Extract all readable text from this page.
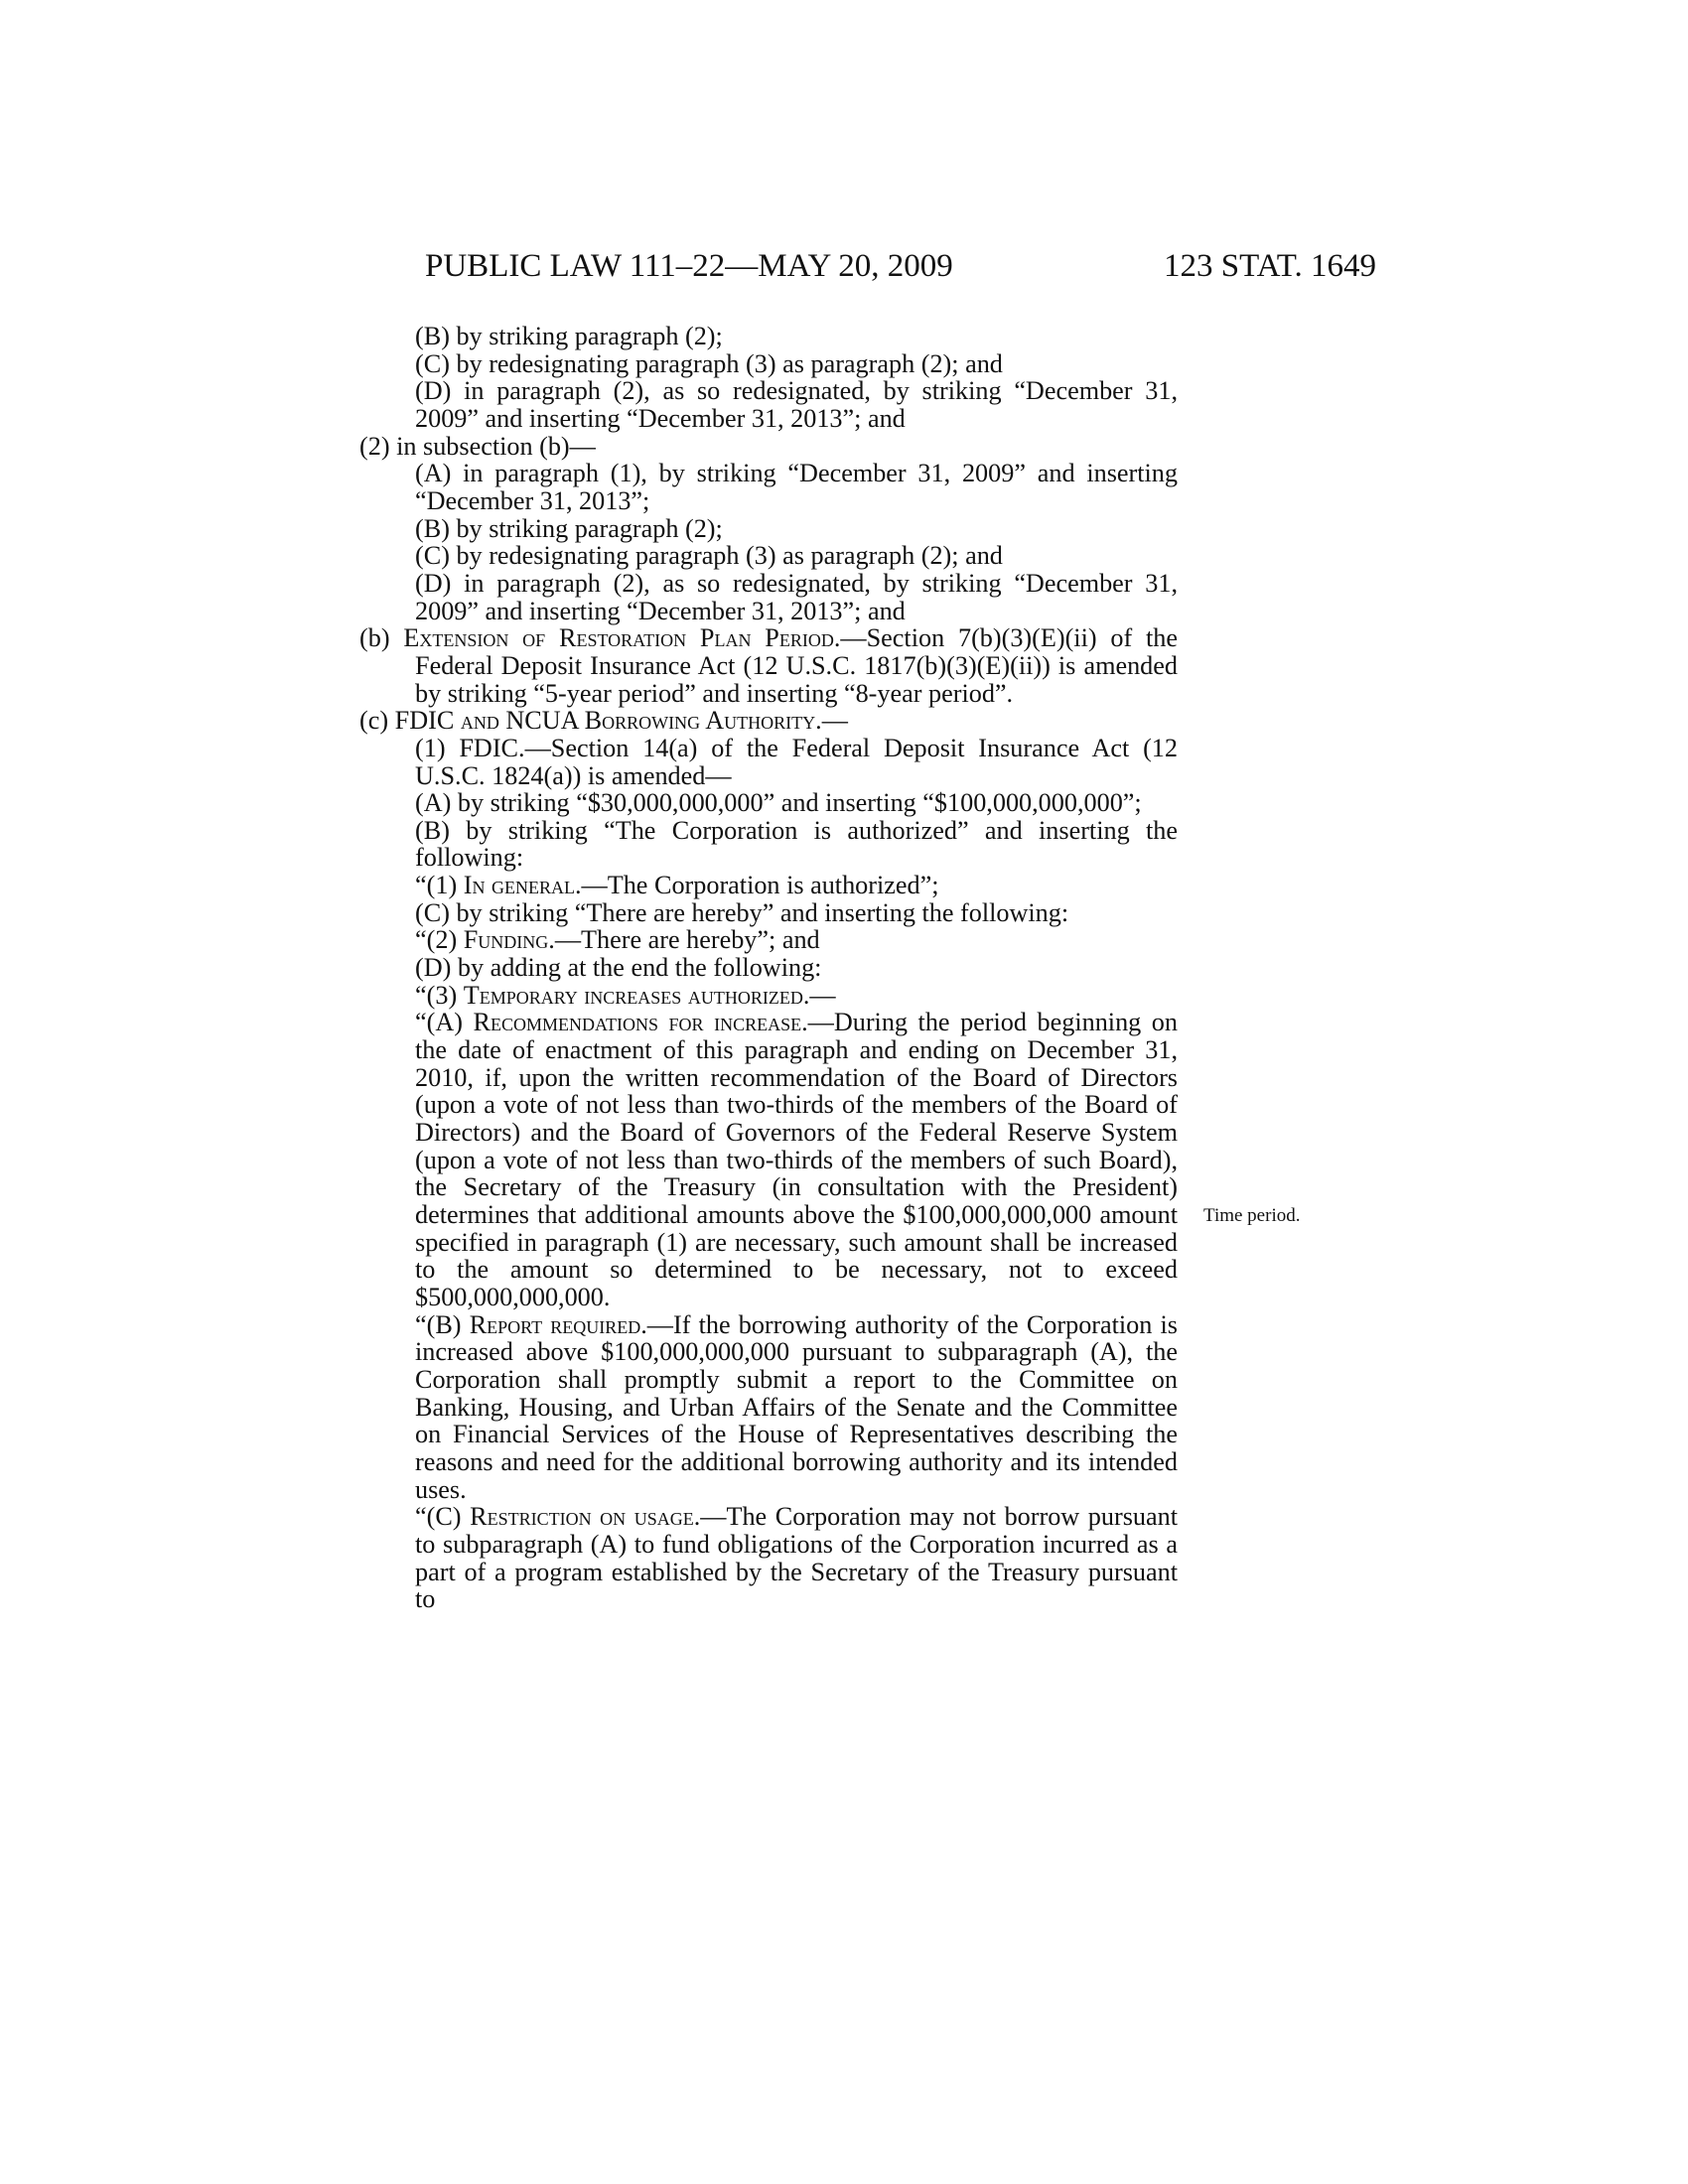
PUBLIC LAW 111–22—MAY 20, 2009	123 STAT. 1649
Time period.

(B) by striking paragraph (2);

(C) by redesignating paragraph (3) as paragraph (2); and

(D) in paragraph (2), as so redesignated, by striking “December 31, 2009” and inserting “December 31, 2013”; and

(2) in subsection (b)—

(A) in paragraph (1), by striking “December 31, 2009” and inserting “December 31, 2013”;

(B) by striking paragraph (2);

(C) by redesignating paragraph (3) as paragraph (2); and

(D) in paragraph (2), as so redesignated, by striking “December 31, 2009” and inserting “December 31, 2013”; and

(b) Extension of Restoration Plan Period.—Section 7(b)(3)(E)(ii) of the Federal Deposit Insurance Act (12 U.S.C. 1817(b)(3)(E)(ii)) is amended by striking “5-year period” and inserting “8-year period”.

(c) FDIC and NCUA Borrowing Authority.—

(1) FDIC.—Section 14(a) of the Federal Deposit Insurance Act (12 U.S.C. 1824(a)) is amended—

(A) by striking “$30,000,000,000” and inserting “$100,000,000,000”;

(B) by striking “The Corporation is authorized” and inserting the following:

“(1) In general.—The Corporation is authorized”;

(C) by striking “There are hereby” and inserting the following:

“(2) Funding.—There are hereby”; and

(D) by adding at the end the following:

“(3) Temporary increases authorized.—

“(A) Recommendations for increase.—During the period beginning on the date of enactment of this paragraph and ending on December 31, 2010, if, upon the written recommendation of the Board of Directors (upon a vote of not less than two-thirds of the members of the Board of Directors) and the Board of Governors of the Federal Reserve System (upon a vote of not less than two-thirds of the members of such Board), the Secretary of the Treasury (in consultation with the President) determines that additional amounts above the $100,000,000,000 amount specified in paragraph (1) are necessary, such amount shall be increased to the amount so determined to be necessary, not to exceed $500,000,000,000.

“(B) Report required.—If the borrowing authority of the Corporation is increased above $100,000,000,000 pursuant to subparagraph (A), the Corporation shall promptly submit a report to the Committee on Banking, Housing, and Urban Affairs of the Senate and the Committee on Financial Services of the House of Representatives describing the reasons and need for the additional borrowing authority and its intended uses.

“(C) Restriction on usage.—The Corporation may not borrow pursuant to subparagraph (A) to fund obligations of the Corporation incurred as a part of a program established by the Secretary of the Treasury pursuant to
